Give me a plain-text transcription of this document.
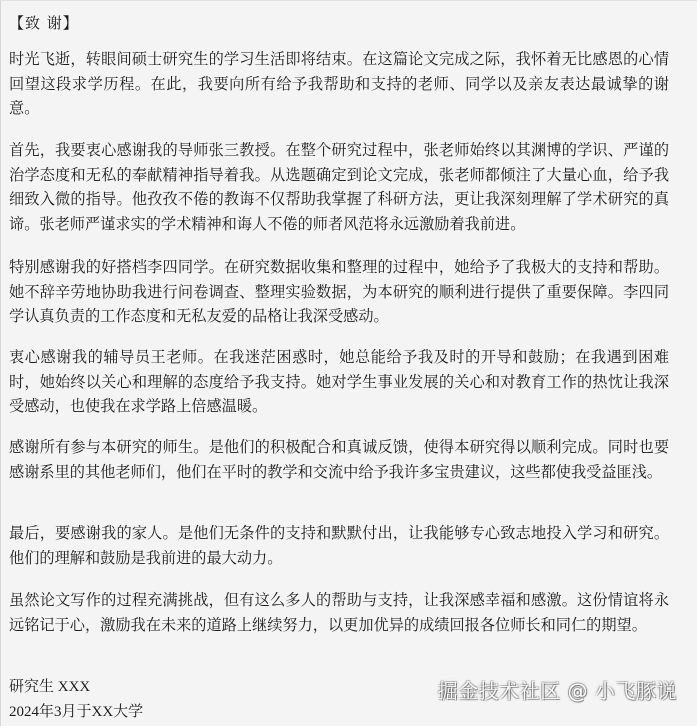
【致 谢】

时光飞逝，转眼间硕士研究生的学习生活即将结束。在这篇论文完成之际，我怀着无比感恩的心情回望这段求学历程。在此，我要向所有给予我帮助和支持的老师、同学以及亲友表达最诚挚的谢意。

首先，我要衷心感谢我的导师张三教授。在整个研究过程中，张老师始终以其渊博的学识、严谨的治学态度和无私的奉献精神指导着我。从选题确定到论文完成，张老师都倾注了大量心血，给予我细致入微的指导。他孜孜不倦的教诲不仅帮助我掌握了科研方法，更让我深刻理解了学术研究的真谛。张老师严谨求实的学术精神和诲人不倦的师者风范将永远激励着我前进。

特别感谢我的好搭档李四同学。在研究数据收集和整理的过程中，她给予了我极大的支持和帮助。她不辞辛劳地协助我进行问卷调查、整理实验数据，为本研究的顺利进行提供了重要保障。李四同学认真负责的工作态度和无私友爱的品格让我深受感动。

衷心感谢我的辅导员王老师。在我迷茫困惑时，她总能给予我及时的开导和鼓励；在我遇到困难时，她始终以关心和理解的态度给予我支持。她对学生事业发展的关心和对教育工作的热忱让我深受感动，也使我在求学路上倍感温暖。

感谢所有参与本研究的师生。是他们的积极配合和真诚反馈，使得本研究得以顺利完成。同时也要感谢系里的其他老师们，他们在平时的教学和交流中给予我许多宝贵建议，这些都使我受益匪浅。

最后，要感谢我的家人。是他们无条件的支持和默默付出，让我能够专心致志地投入学习和研究。他们的理解和鼓励是我前进的最大动力。

虽然论文写作的过程充满挑战，但有这么多人的帮助与支持，让我深感幸福和感激。这份情谊将永远铭记于心，激励我在未来的道路上继续努力，以更加优异的成绩回报各位师长和同仁的期望。

研究生 XXX
2024年3月于XX大学
掘金技术社区 @ 小飞豚说
